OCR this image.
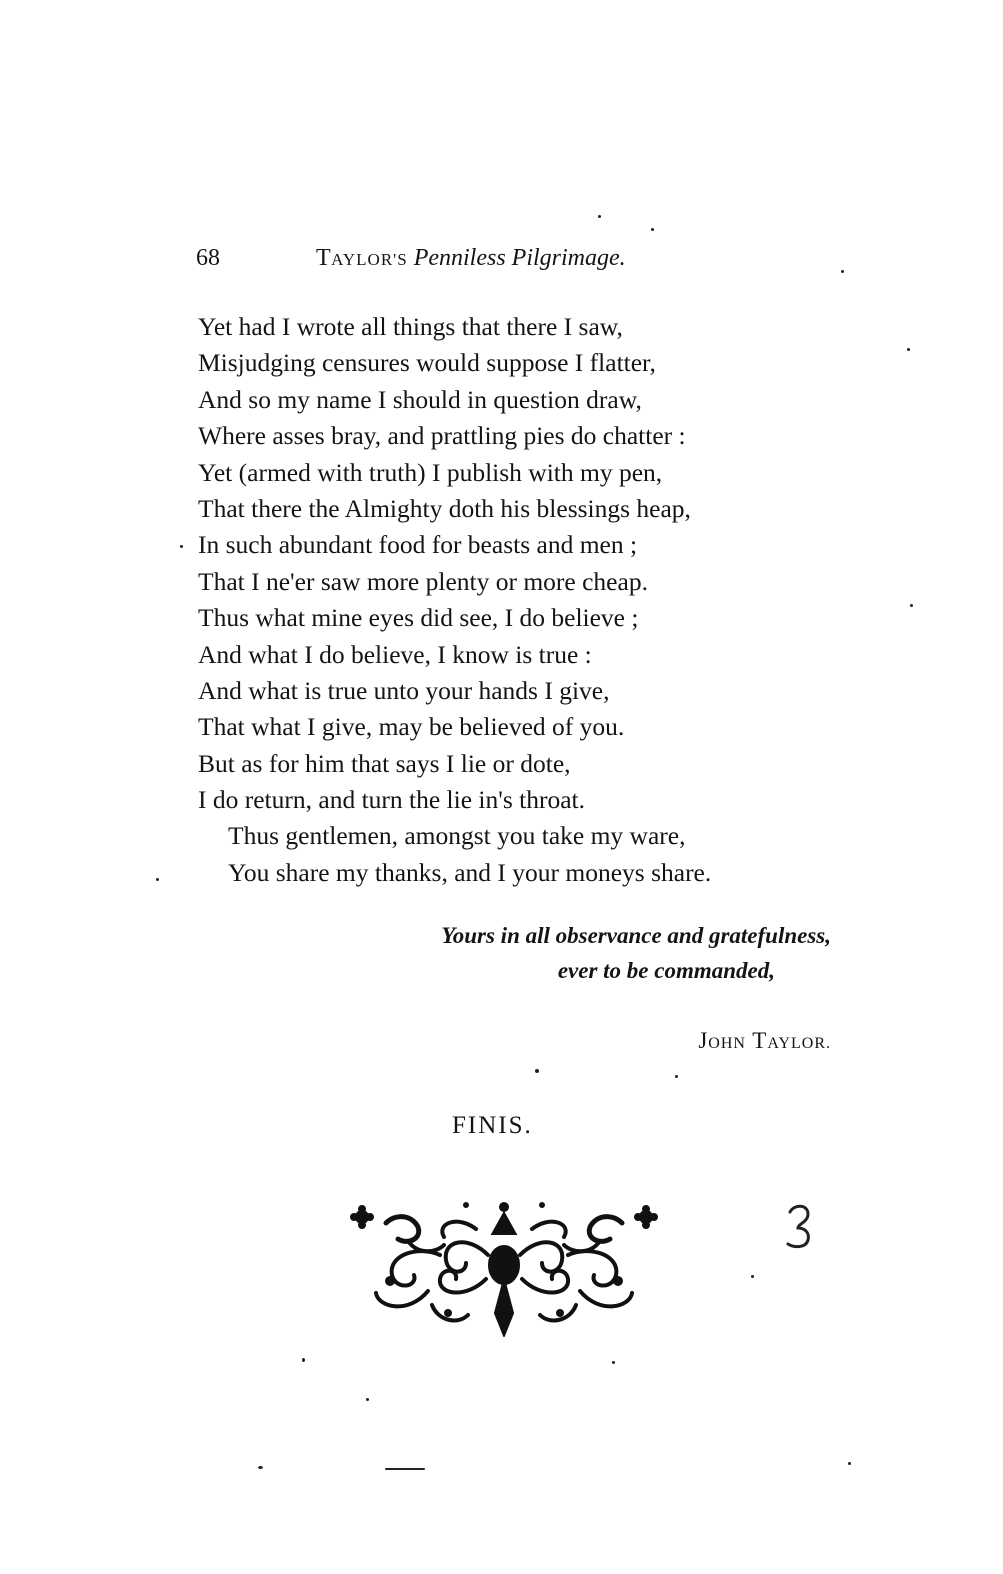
68	TAYLOR'S Penniless Pilgrimage.
Yet had I wrote all things that there I saw,
Misjudging censures would suppose I flatter,
And so my name I should in question draw,
Where asses bray, and prattling pies do chatter :
Yet (armed with truth) I publish with my pen,
That there the Almighty doth his blessings heap,
In such abundant food for beasts and men ;
That I ne'er saw more plenty or more cheap.
Thus what mine eyes did see, I do believe ;
And what I do believe, I know is true :
And what is true unto your hands I give,
That what I give, may be believed of you.
But as for him that says I lie or dote,
I do return, and turn the lie in's throat.
Thus gentlemen, amongst you take my ware,
You share my thanks, and I your moneys share.
Yours in all observance and gratefulness,
ever to be commanded,
JOHN TAYLOR.
FINIS.
